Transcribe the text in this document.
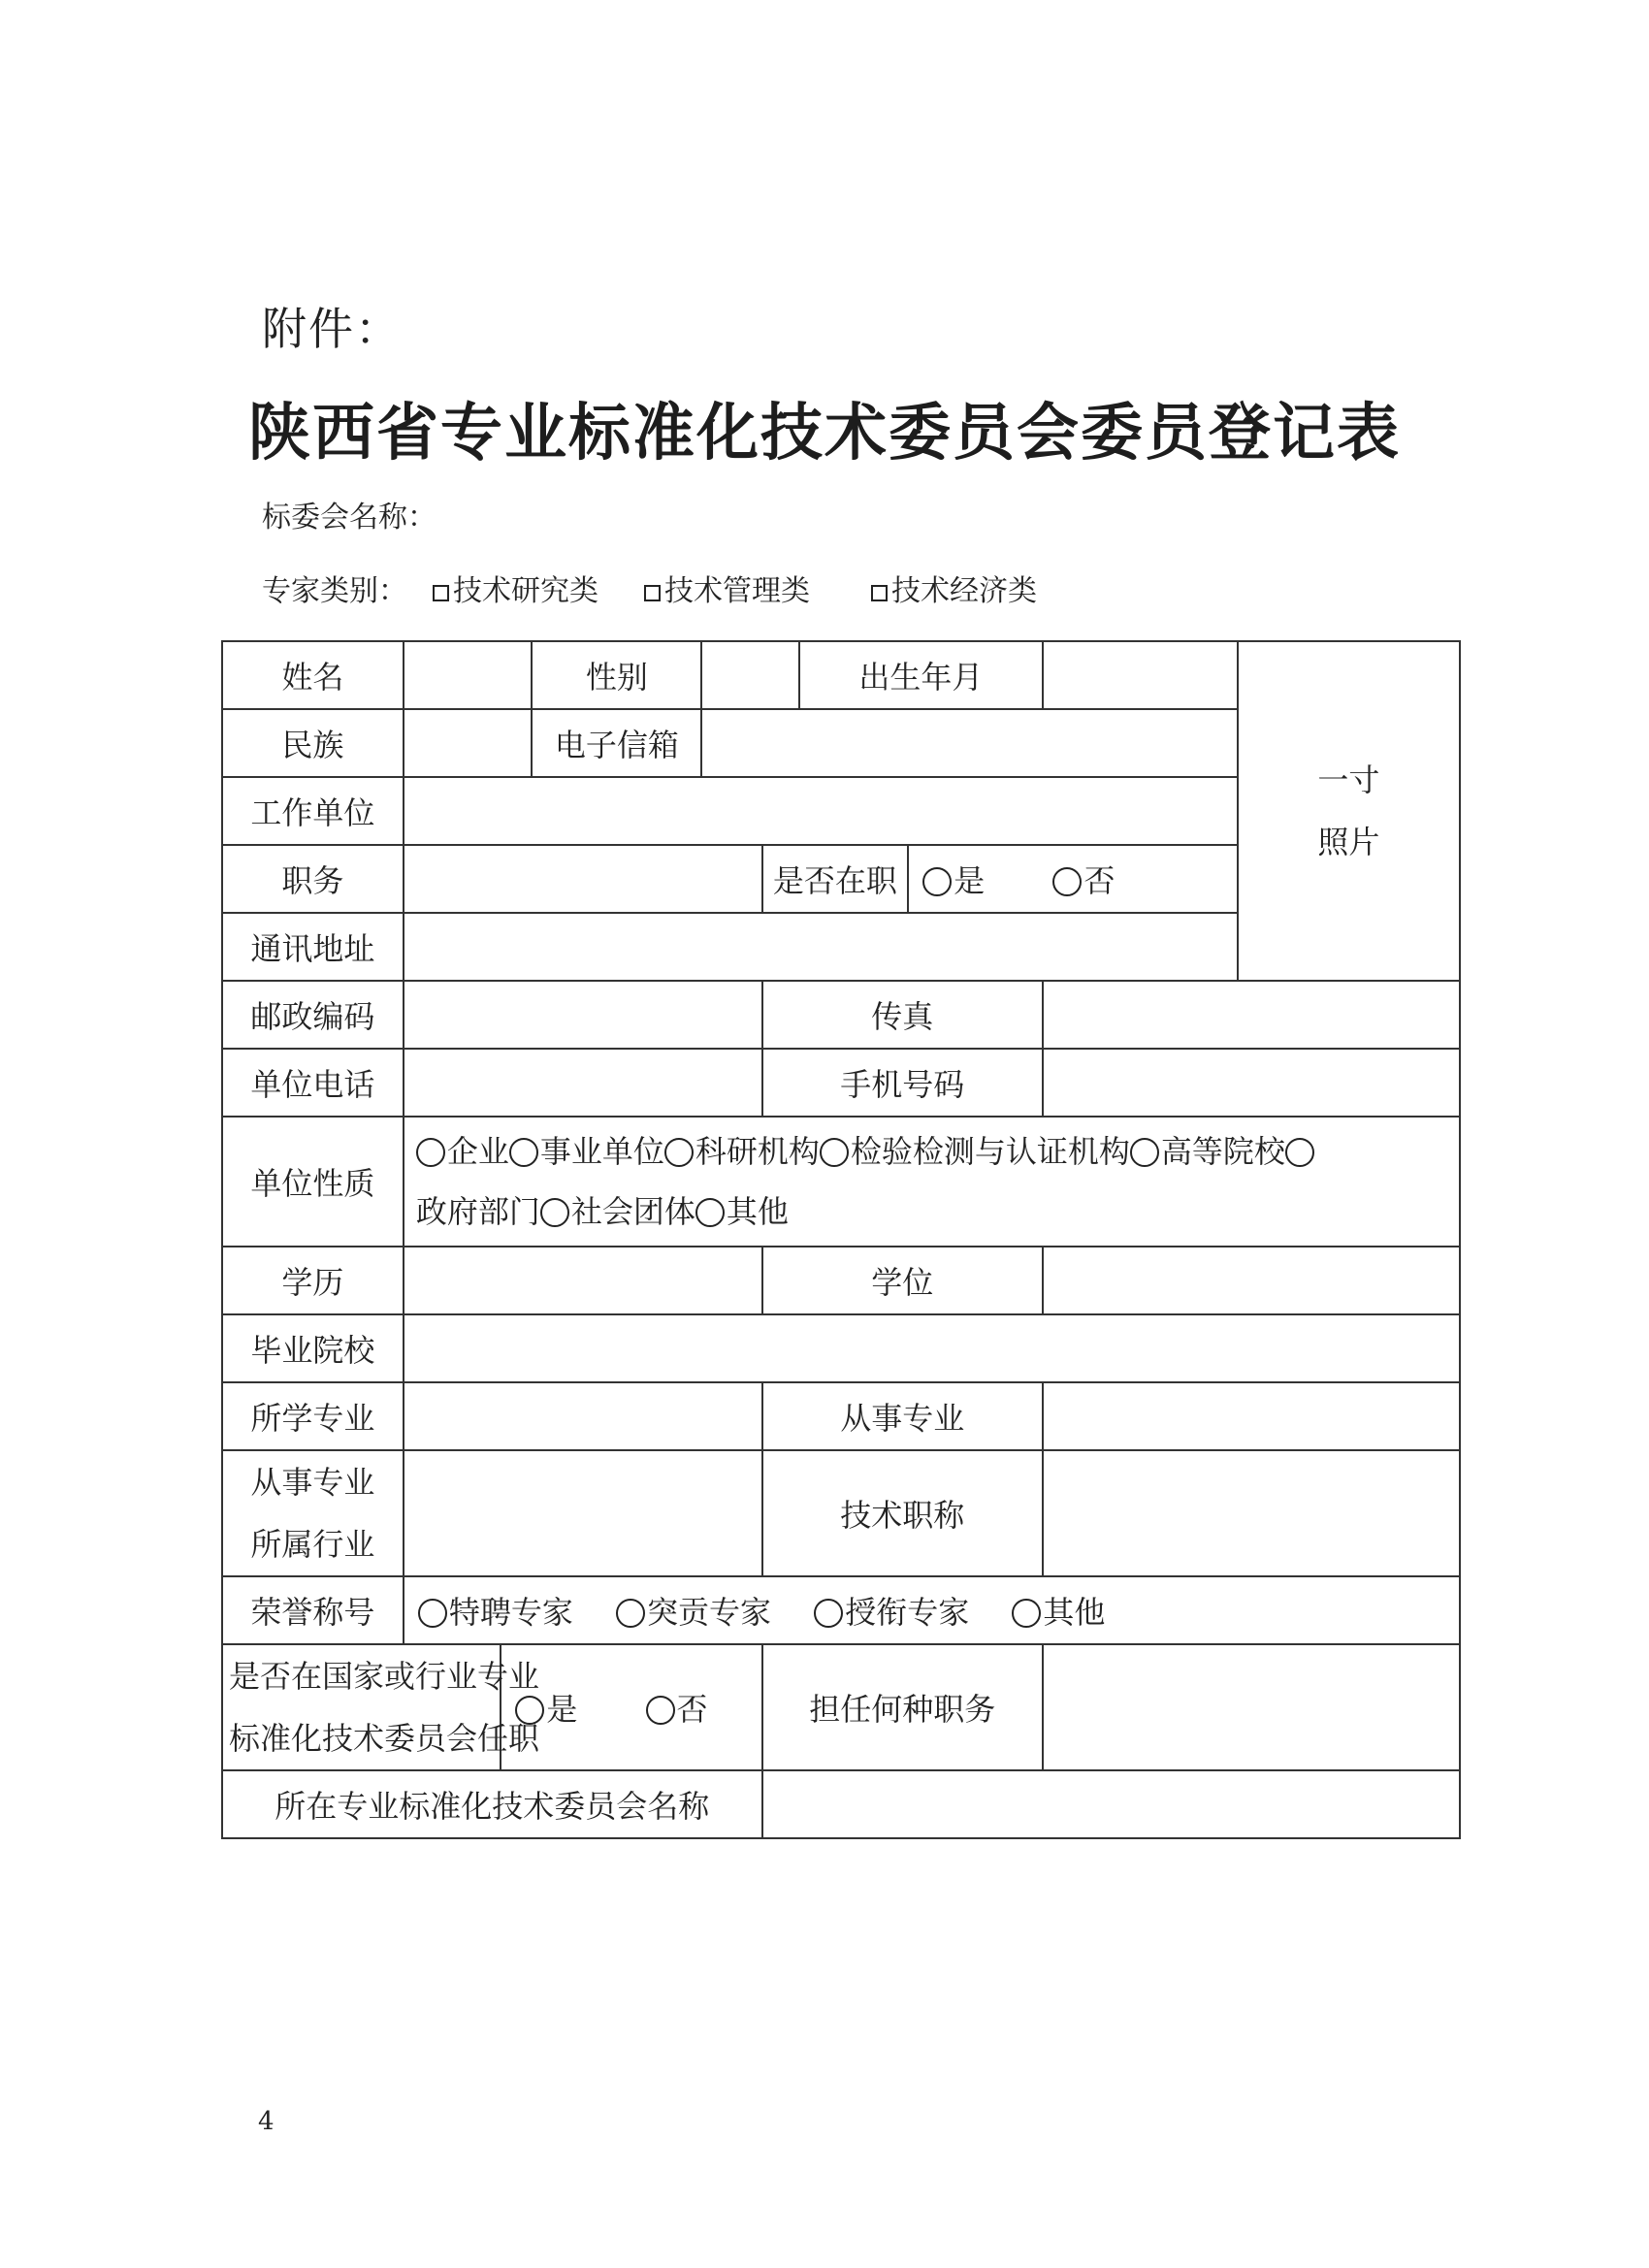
附件：
陕西省专业标准化技术委员会委员登记表
标委会名称：
专家类别：	技术研究类	技术管理类	技术经济类
姓名			性别			出生年月			一寸
照片

民族			电子信箱						
工作单位									
职务					是否在职		是 否		
通讯地址									
邮政编码					传真				
单位电话					手机号码				
单位性质	企业 事业单位 科研机构 检验检测与认证机构 高等院校
政府部门 社会团体 其他								
学历					学位				
毕业院校									
所学专业					从事专业				

从事专业
所属行业					技术职称				
荣誉称号	特聘专家 突贡专家 授衔专家 其他								

是否在国家或行业专业
标准化技术委员会任职		是 否			担任何种职务				
所在专业标准化技术委员会名称									
4
